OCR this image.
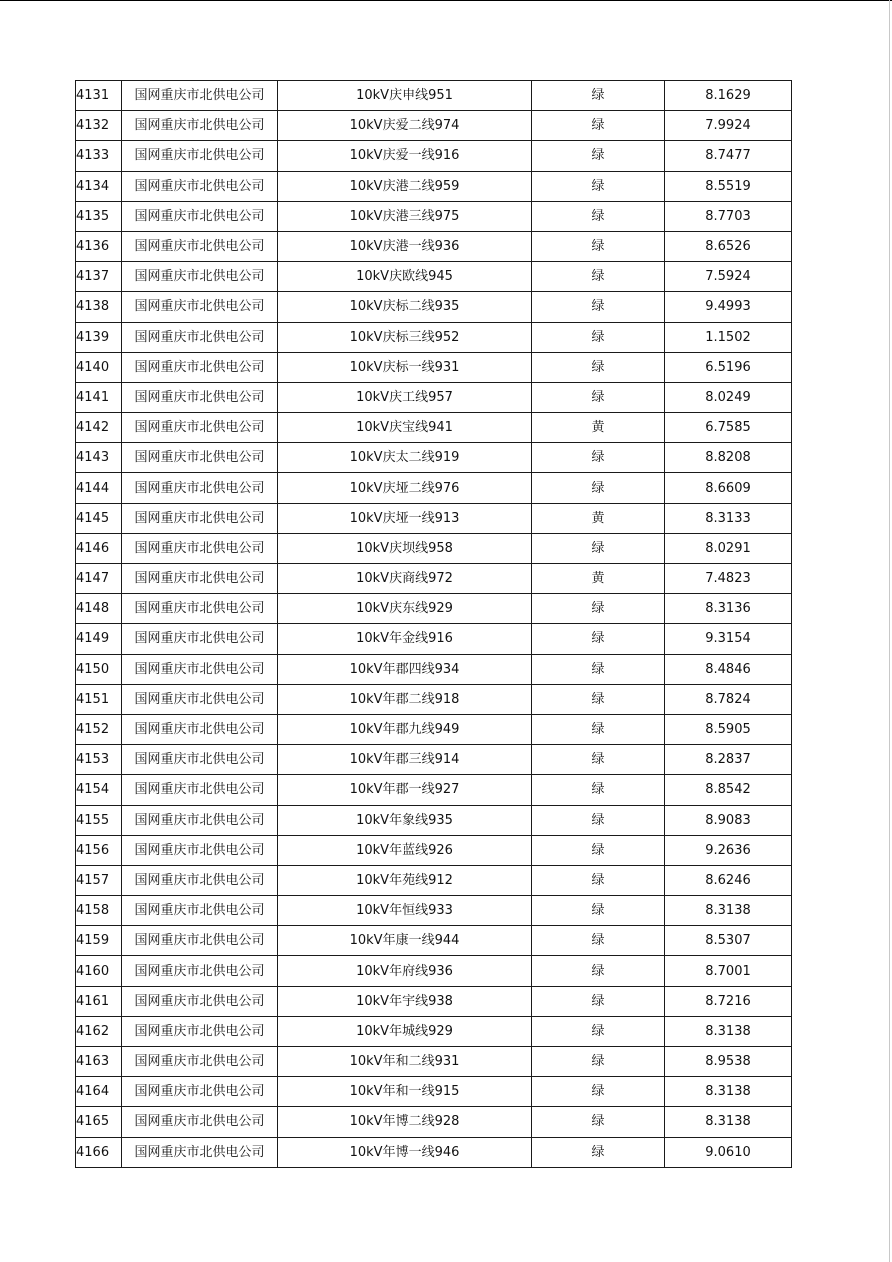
4131	国网重庆市北供电公司	10kV庆申线951	绿	8.1629
4132	国网重庆市北供电公司	10kV庆爱二线974	绿	7.9924
4133	国网重庆市北供电公司	10kV庆爱一线916	绿	8.7477
4134	国网重庆市北供电公司	10kV庆港二线959	绿	8.5519
4135	国网重庆市北供电公司	10kV庆港三线975	绿	8.7703
4136	国网重庆市北供电公司	10kV庆港一线936	绿	8.6526
4137	国网重庆市北供电公司	10kV庆欧线945	绿	7.5924
4138	国网重庆市北供电公司	10kV庆标二线935	绿	9.4993
4139	国网重庆市北供电公司	10kV庆标三线952	绿	1.1502
4140	国网重庆市北供电公司	10kV庆标一线931	绿	6.5196
4141	国网重庆市北供电公司	10kV庆工线957	绿	8.0249
4142	国网重庆市北供电公司	10kV庆宝线941	黄	6.7585
4143	国网重庆市北供电公司	10kV庆太二线919	绿	8.8208
4144	国网重庆市北供电公司	10kV庆垭二线976	绿	8.6609
4145	国网重庆市北供电公司	10kV庆垭一线913	黄	8.3133
4146	国网重庆市北供电公司	10kV庆坝线958	绿	8.0291
4147	国网重庆市北供电公司	10kV庆商线972	黄	7.4823
4148	国网重庆市北供电公司	10kV庆东线929	绿	8.3136
4149	国网重庆市北供电公司	10kV年金线916	绿	9.3154
4150	国网重庆市北供电公司	10kV年郡四线934	绿	8.4846
4151	国网重庆市北供电公司	10kV年郡二线918	绿	8.7824
4152	国网重庆市北供电公司	10kV年郡九线949	绿	8.5905
4153	国网重庆市北供电公司	10kV年郡三线914	绿	8.2837
4154	国网重庆市北供电公司	10kV年郡一线927	绿	8.8542
4155	国网重庆市北供电公司	10kV年象线935	绿	8.9083
4156	国网重庆市北供电公司	10kV年蓝线926	绿	9.2636
4157	国网重庆市北供电公司	10kV年苑线912	绿	8.6246
4158	国网重庆市北供电公司	10kV年恒线933	绿	8.3138
4159	国网重庆市北供电公司	10kV年康一线944	绿	8.5307
4160	国网重庆市北供电公司	10kV年府线936	绿	8.7001
4161	国网重庆市北供电公司	10kV年宇线938	绿	8.7216
4162	国网重庆市北供电公司	10kV年城线929	绿	8.3138
4163	国网重庆市北供电公司	10kV年和二线931	绿	8.9538
4164	国网重庆市北供电公司	10kV年和一线915	绿	8.3138
4165	国网重庆市北供电公司	10kV年博二线928	绿	8.3138
4166	国网重庆市北供电公司	10kV年博一线946	绿	9.0610
